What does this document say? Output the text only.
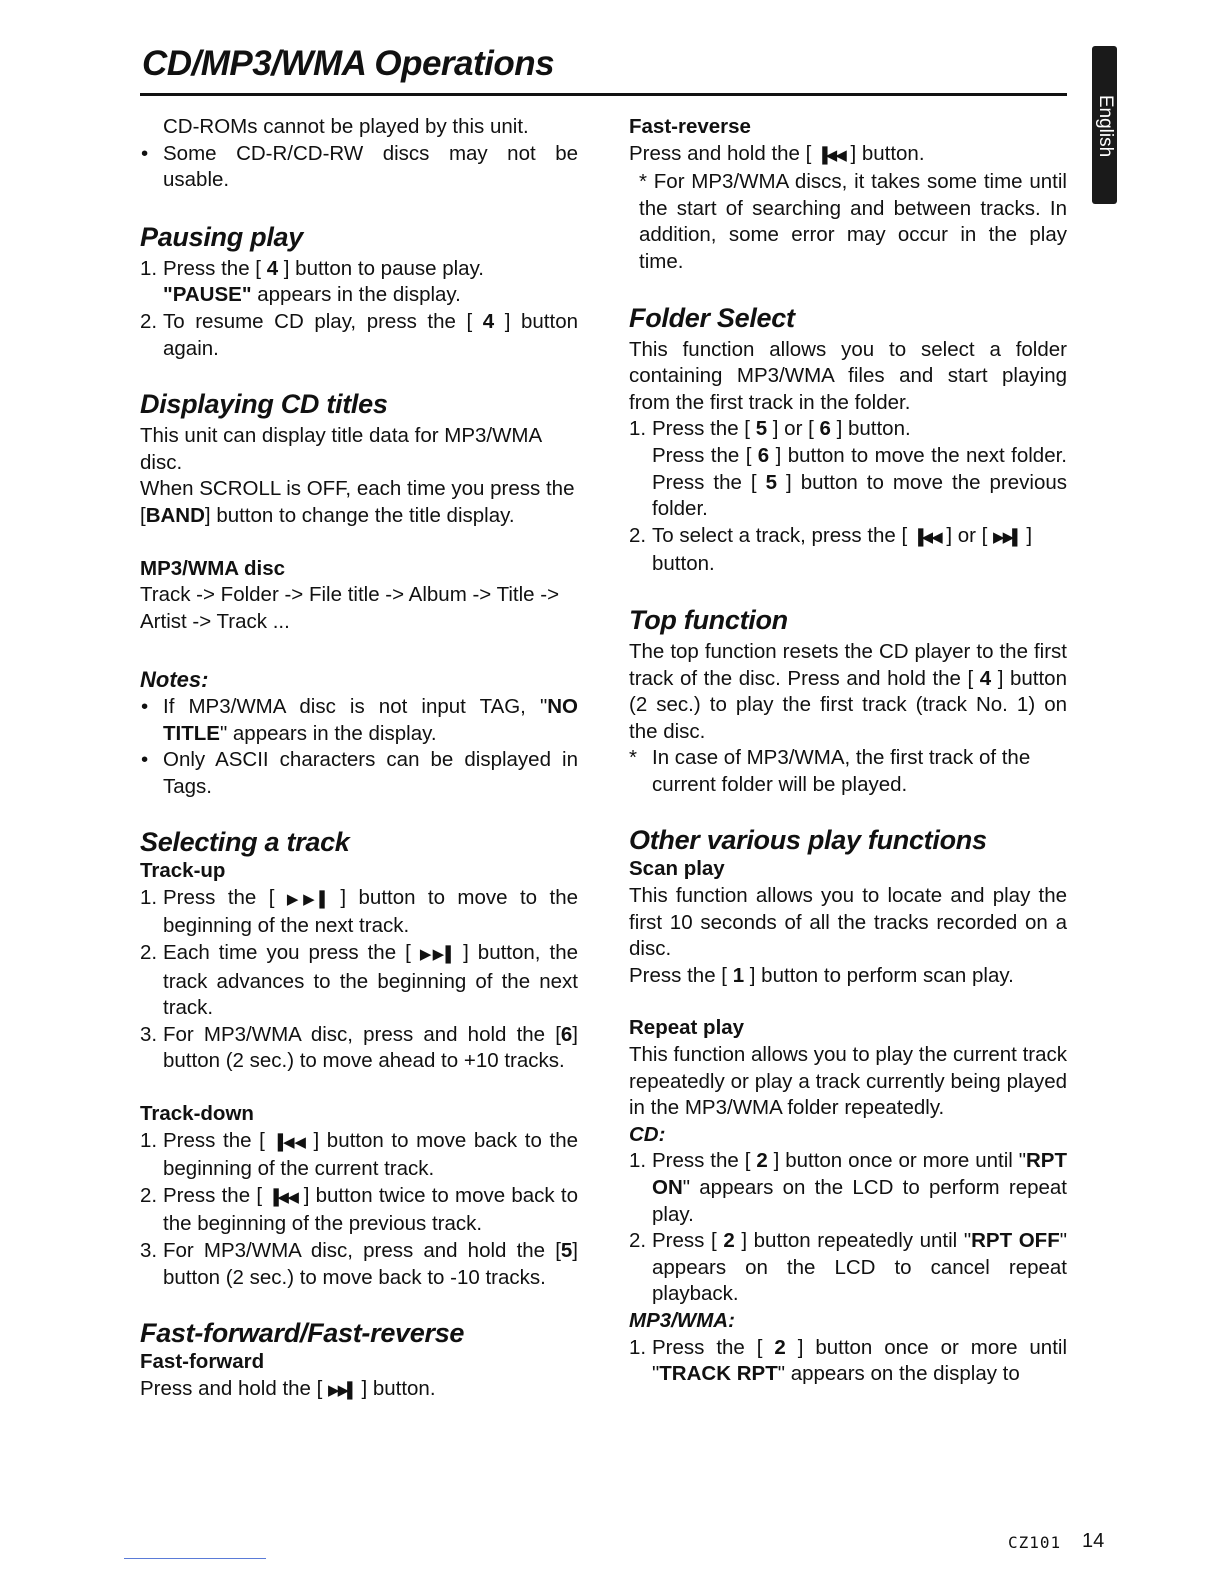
CD/MP3/WMA Operations
English

CD-ROMs cannot be played by this unit.

• Some CD-R/CD-RW discs may not be usable.
Pausing play
1. Press the [ 4 ] button to pause play.
"PAUSE" appears in the display.
2. To resume CD play, press the [ 4 ] button again.
Displaying CD titles

This unit can display title data for MP3/WMA disc.

When SCROLL is OFF, each time you press the [BAND] button to change the title display.

MP3/WMA disc

Track -> Folder -> File title -> Album -> Title -> Artist -> Track ...

Notes:

• If MP3/WMA disc is not input TAG, "NO TITLE" appears in the display.
• Only ASCII characters can be displayed in Tags.
Selecting a track

Track-up

1. Press the [ ▶▶▌ ] button to move to the beginning of the next track.
2. Each time you press the [ ▶▶▌ ] button, the track advances to the beginning of the next track.
3. For MP3/WMA disc, press and hold the [6] button (2 sec.) to move ahead to +10 tracks.

Track-down

1. Press the [ ▐◀◀ ] button to move back to the beginning of the current track.
2. Press the [ ▐◀◀ ] button twice to move back to the beginning of the previous track.
3. For MP3/WMA disc, press and hold the [5] button (2 sec.) to move back to -10 tracks.
Fast-forward/Fast-reverse

Fast-forward

Press and hold the [ ▶▶▌ ] button.

Fast-reverse

Press and hold the [ ▐◀◀ ] button.

* For MP3/WMA discs, it takes some time until the start of searching and between tracks. In addition, some error may occur in the play time.

Folder Select

This function allows you to select a folder containing MP3/WMA files and start playing from the first track in the folder.

1. Press the [ 5 ] or [ 6 ] button.
Press the [ 6 ] button to move the next folder. Press the [ 5 ] button to move the previous folder.
2. To select a track, press the [ ▐◀◀ ] or [ ▶▶▌ ] button.
Top function

The top function resets the CD player to the first track of the disc. Press and hold the [ 4 ] button (2 sec.) to play the first track (track No. 1) on the disc.

* In case of MP3/WMA, the first track of the current folder will be played.
Other various play functions

Scan play

This function allows you to locate and play the first 10 seconds of all the tracks recorded on a disc.

Press the [ 1 ] button to perform scan play.

Repeat play

This function allows you to play the current track repeatedly or play a track currently being played in the MP3/WMA folder repeatedly.

CD:

1. Press the [ 2 ] button once or more until "RPT ON" appears on the LCD to perform repeat play.
2. Press [ 2 ] button repeatedly until "RPT OFF" appears on the LCD to cancel repeat playback.

MP3/WMA:

1. Press the [ 2 ] button once or more until "TRACK RPT" appears on the display to
CZ101 14
